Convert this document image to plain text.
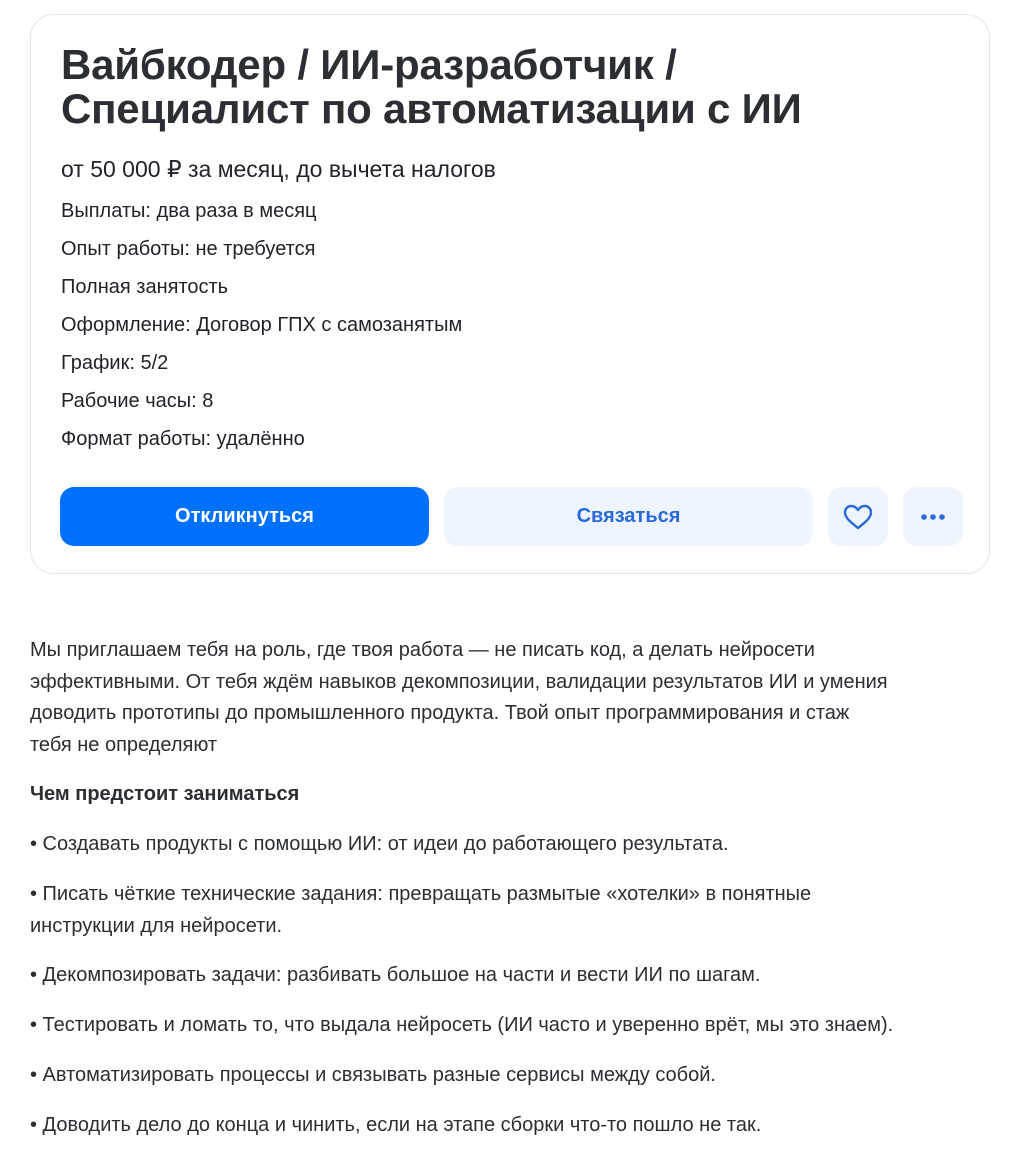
Вайбкодер / ИИ-разработчик /
Специалист по автоматизации с ИИ
от 50 000 ₽ за месяц, до вычета налогов
Выплаты: два раза в месяц
Опыт работы: не требуется
Полная занятость
Оформление: Договор ГПХ с самозанятым
График: 5/2
Рабочие часы: 8
Формат работы: удалённо
Откликнуться	Связаться

Мы приглашаем тебя на роль, где твоя работа — не писать код, а делать нейросети
эффективными. От тебя ждём навыков декомпозиции, валидации результатов ИИ и умения
доводить прототипы до промышленного продукта. Твой опыт программирования и стаж
тебя не определяют

Чем предстоит заниматься

• Создавать продукты с помощью ИИ: от идеи до работающего результата.

• Писать чёткие технические задания: превращать размытые «хотелки» в понятные
инструкции для нейросети.

• Декомпозировать задачи: разбивать большое на части и вести ИИ по шагам.

• Тестировать и ломать то, что выдала нейросеть (ИИ часто и уверенно врёт, мы это знаем).

• Автоматизировать процессы и связывать разные сервисы между собой.

• Доводить дело до конца и чинить, если на этапе сборки что-то пошло не так.
